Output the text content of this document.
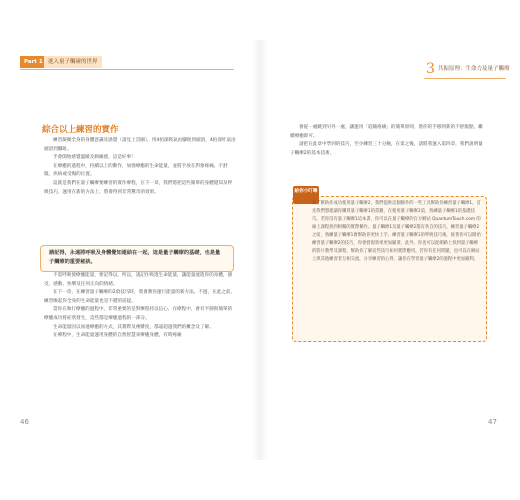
Part 1 進入量子觸碰的世界
綜合以上練習的實作

練習凝聚全身的身體意識及感覺（請見上頁圖），用4拍深吸氣由腳趾到頭頂，4拍深吐氣由頭頂到腳趾。

手會開始感覺溫暖及刺痛感，這是好事！

在療癒的過程中，持續以上的動作，加強療癒的生命能量，並將手放在對象疼痛、不舒服、疾病或受傷的位置。

這就是我們在量子觸療要練習的實作療程，在下一章，我們將把這些簡單的身體覺知及呼吸技巧，運用在新的方法上，將會得到非常驚奇的效果。

請記得，永遠將呼吸及身體覺知連結在一起，這是量子觸療的基礎，也是量子觸療的重要秘訣。

不需呼吸使療癒能量，要記得以，所以，請記住吸進生命能量，讓能量流進你的身體，感受、感動、快樂及任何正向的情緒。

在下一章，在練習量子觸療的2項技巧時，我會教你運行能量的新方法。不過，在此之前，練習喚起你全身的生命能量也是不錯的前提。

當你在執行療癒的過程中，非常重要的是對療程持以信心，在療程中，會有平靜與簡單的療癒成功將症狀發生，這些都是療癒過程的一部分。

生命能量因以加速療癒的方式，其實際及複雜度，都遠超過我們的概念及了解。

在療程中，生命能量運用身體的自然智慧來療癒身體，有時疼痛

46
3 共振原理：生命力及量子觸療

會從一處跳到另外一處，讓運用「追隨疼痛」的簡單原則，將你的手移到新的不舒服點，繼續療癒即可。

請把在此章中學到的技巧，至少練習三十分鐘，在第之後，請將我運入第四章，我們說明量子觸療2的基本技術。

給你小叮嚀
為了幫助你成功使用量子觸療2，我們提供這個額外的一些工具幫助你練習量子觸療1。首先我們想建議你購買量子觸療1的書籍，在使用量子觸療2前，熟練量子觸療1的基礎技巧。若你沒有量子觸療1這本書，你可以在量子觸療的官方網站 QuantumTouch.com 的線上課程找到相關的實際操作。量子觸療1及量子觸療2都有各自的技巧，練習量子觸療2之前，熟練量子觸療1會幫助你更快上手。練習量子觸療1的呼吸技巧後，接著你可以開始練習量子觸療2的技巧，你會發現效果更加顯著。此外，你也可以從網路上找到量子觸療的影片教學及課程，幫助你了解這些技巧如何實際應用。若你有任何問題，也可以在網站上與其他練習者互相交流，分享練習的心得，讓你在學習量子觸療2的過程中更加順利。
47
